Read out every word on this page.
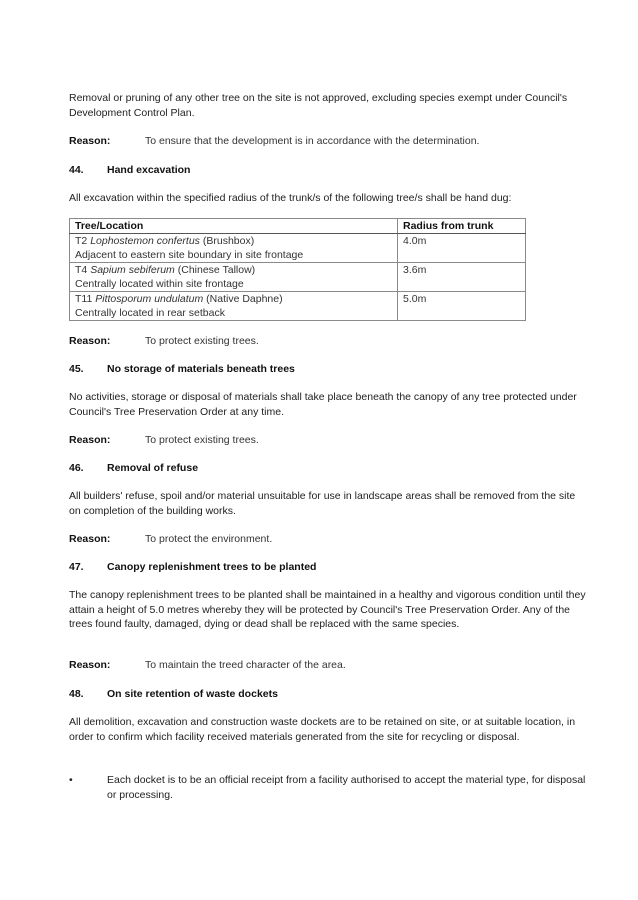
Removal or pruning of any other tree on the site is not approved, excluding species exempt under Council's Development Control Plan.
Reason:	To ensure that the development is in accordance with the determination.
44. Hand excavation
All excavation within the specified radius of the trunk/s of the following tree/s shall be hand dug:
Tree/Location	Radius from trunk
T2 Lophostemon confertus (Brushbox)
Adjacent to eastern site boundary in site frontage	4.0m
T4 Sapium sebiferum (Chinese Tallow)
Centrally located within site frontage	3.6m
T11 Pittosporum undulatum (Native Daphne)
Centrally located in rear setback	5.0m
Reason:	To protect existing trees.
45. No storage of materials beneath trees
No activities, storage or disposal of materials shall take place beneath the canopy of any tree protected under Council's Tree Preservation Order at any time.
Reason:	To protect existing trees.
46. Removal of refuse
All builders' refuse, spoil and/or material unsuitable for use in landscape areas shall be removed from the site on completion of the building works.
Reason:	To protect the environment.
47. Canopy replenishment trees to be planted
The canopy replenishment trees to be planted shall be maintained in a healthy and vigorous condition until they attain a height of 5.0 metres whereby they will be protected by Council's Tree Preservation Order. Any of the trees found faulty, damaged, dying or dead shall be replaced with the same species.
Reason:	To maintain the treed character of the area.
48. On site retention of waste dockets
All demolition, excavation and construction waste dockets are to be retained on site, or at suitable location, in order to confirm which facility received materials generated from the site for recycling or disposal.
•	Each docket is to be an official receipt from a facility authorised to accept the material type, for disposal or processing.
